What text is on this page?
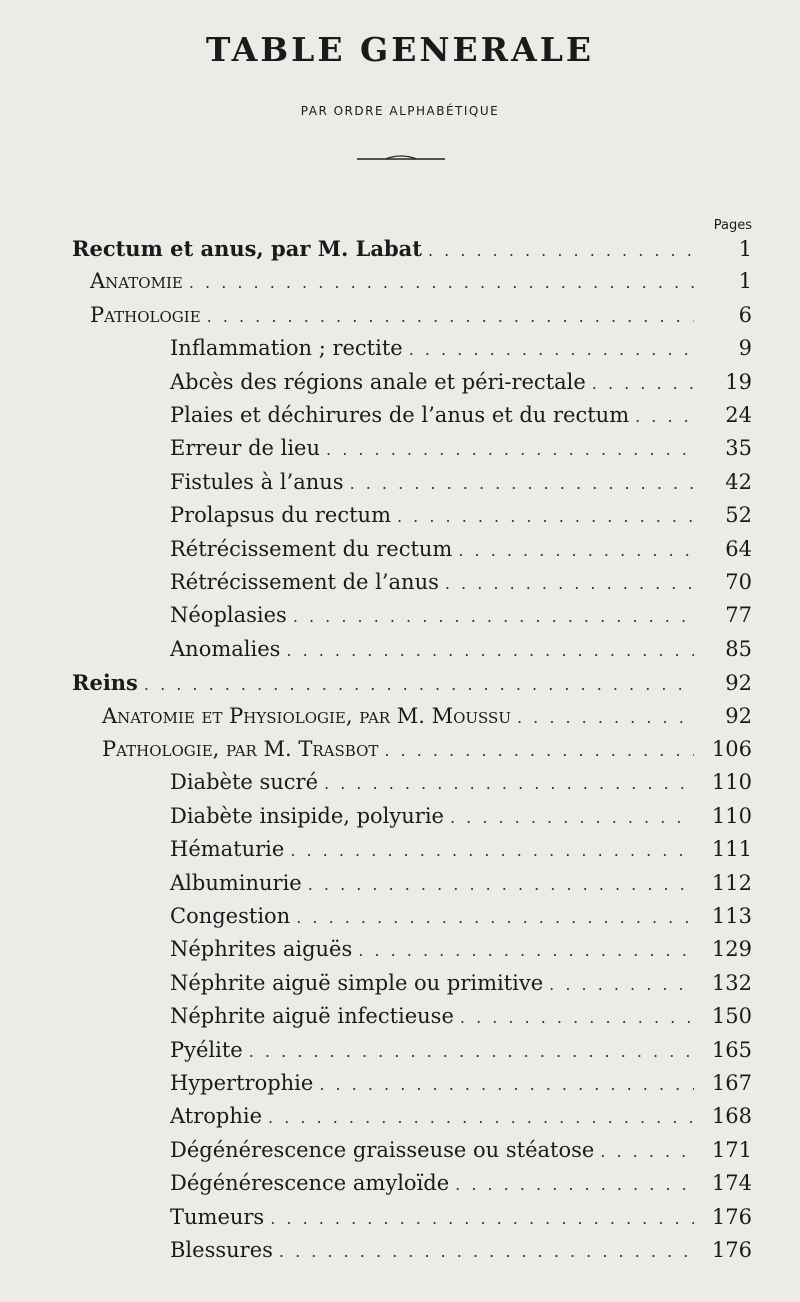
TABLE GENERALE
PAR ORDRE ALPHABÉTIQUE
Pages
Rectum et anus, par M. Labat . . .	1
Anatomie . . .	1
Pathologie . . .	6
Inflammation ; rectite . . .	9
Abcès des régions anale et péri-rectale . . .	19
Plaies et déchirures de l’anus et du rectum . . .	24
Erreur de lieu . . .	35
Fistules à l’anus . . .	42
Prolapsus du rectum . . .	52
Rétrécissement du rectum . . .	64
Rétrécissement de l’anus . . .	70
Néoplasies . . .	77
Anomalies . . .	85
Reins . . .	92
Anatomie et Physiologie, par M. Moussu . . .	92
Pathologie, par M. Trasbot . . .	106
Diabète sucré . . .	110
Diabète insipide, polyurie . . .	110
Hématurie . . .	111
Albuminurie . . .	112
Congestion . . .	113
Néphrites aiguës . . .	129
Néphrite aiguë simple ou primitive . . .	132
Néphrite aiguë infectieuse . . .	150
Pyélite . . .	165
Hypertrophie . . .	167
Atrophie . . .	168
Dégénérescence graisseuse ou stéatose . . .	171
Dégénérescence amyloïde . . .	174
Tumeurs . . .	176
Blessures . . .	176
